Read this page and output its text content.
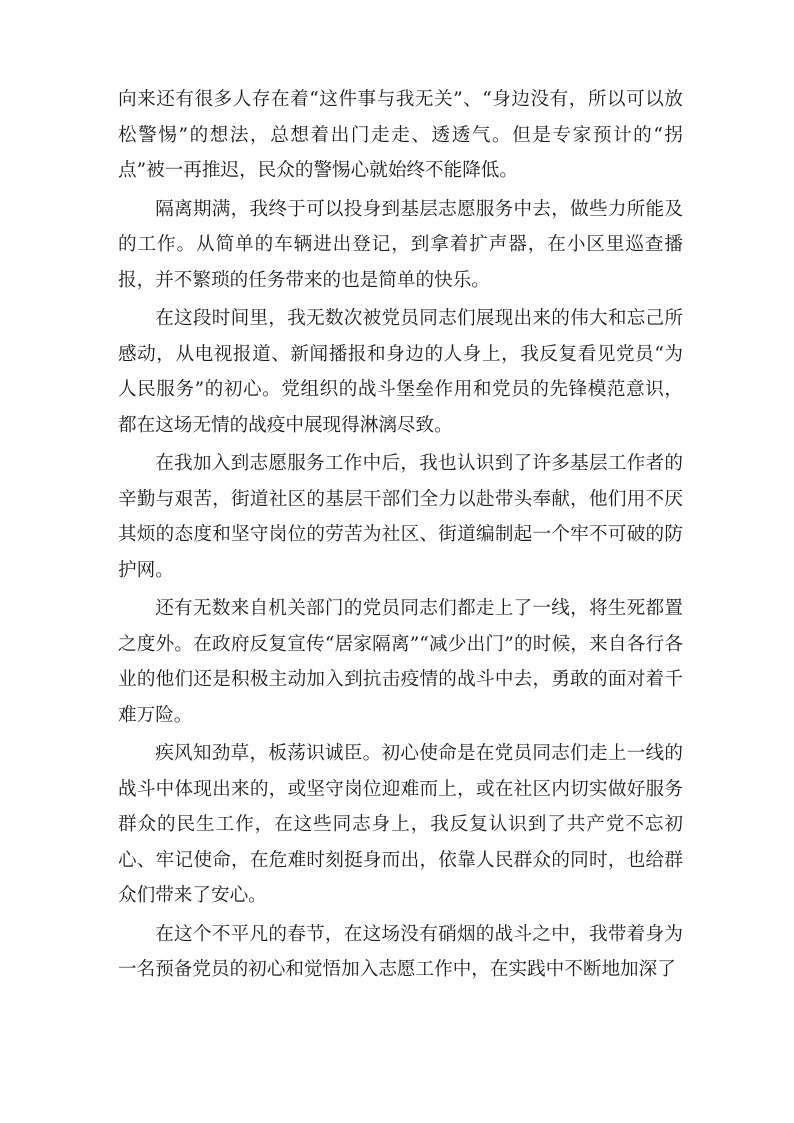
向来还有很多人存在着“这件事与我无关”、“身边没有，所以可以放松警惕”的想法，总想着出门走走、透透气。但是专家预计的“拐点”被一再推迟，民众的警惕心就始终不能降低。

隔离期满，我终于可以投身到基层志愿服务中去，做些力所能及的工作。从简单的车辆进出登记，到拿着扩声器，在小区里巡查播报，并不繁琐的任务带来的也是简单的快乐。

在这段时间里，我无数次被党员同志们展现出来的伟大和忘己所感动，从电视报道、新闻播报和身边的人身上，我反复看见党员“为人民服务”的初心。党组织的战斗堡垒作用和党员的先锋模范意识，都在这场无情的战疫中展现得淋漓尽致。

在我加入到志愿服务工作中后，我也认识到了许多基层工作者的辛勤与艰苦，街道社区的基层干部们全力以赴带头奉献，他们用不厌其烦的态度和坚守岗位的劳苦为社区、街道编制起一个牢不可破的防护网。

还有无数来自机关部门的党员同志们都走上了一线，将生死都置之度外。在政府反复宣传“居家隔离”“减少出门”的时候，来自各行各业的他们还是积极主动加入到抗击疫情的战斗中去，勇敢的面对着千难万险。

疾风知劲草，板荡识诚臣。初心使命是在党员同志们走上一线的战斗中体现出来的，或坚守岗位迎难而上，或在社区内切实做好服务群众的民生工作，在这些同志身上，我反复认识到了共产党不忘初心、牢记使命，在危难时刻挺身而出，依靠人民群众的同时，也给群众们带来了安心。

在这个不平凡的春节，在这场没有硝烟的战斗之中，我带着身为一名预备党员的初心和觉悟加入志愿工作中，在实践中不断地加深了
